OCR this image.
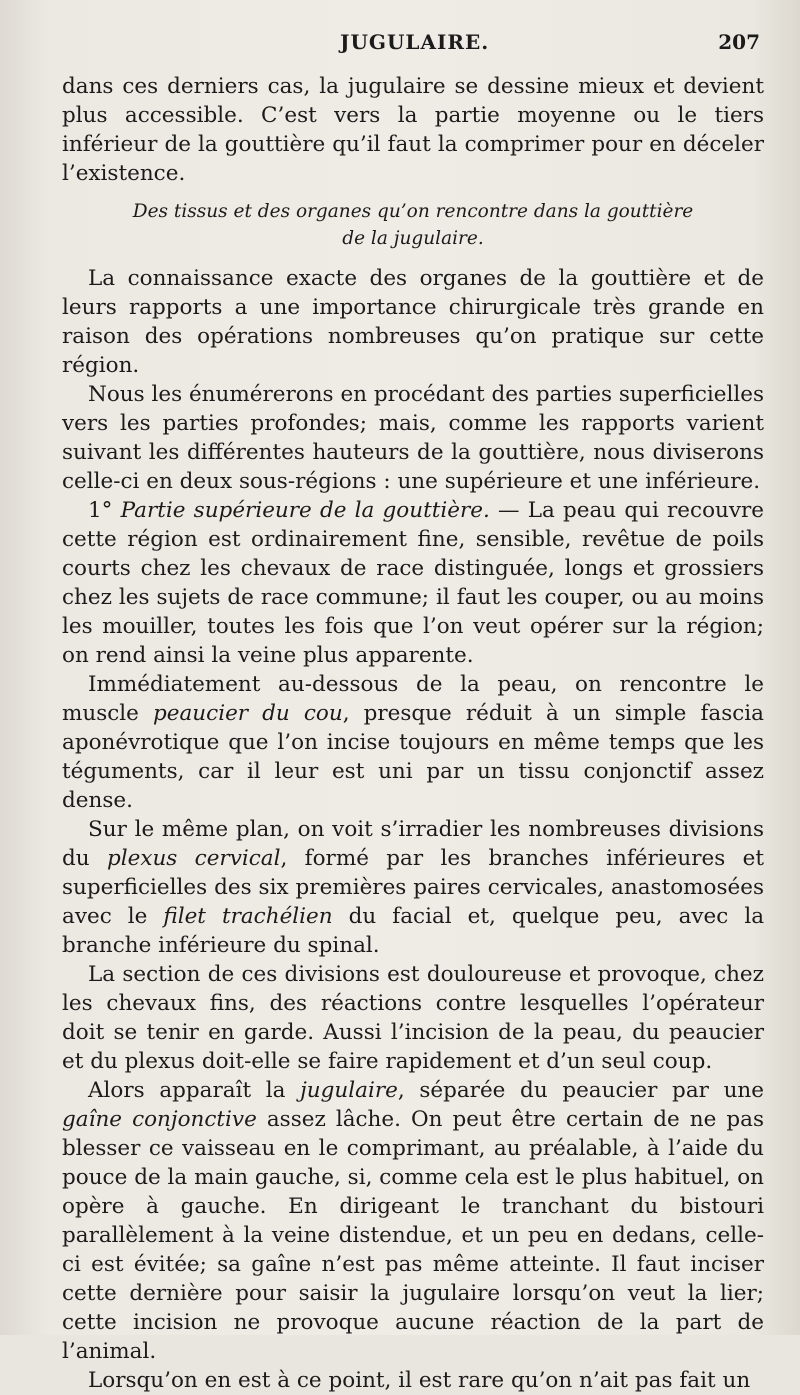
JUGULAIRE.	207

dans ces derniers cas, la jugulaire se dessine mieux et devient plus accessible. C’est vers la partie moyenne ou le tiers inférieur de la gouttière qu’il faut la comprimer pour en déceler l’existence.

Des tissus et des organes qu’on rencontre dans la gouttière
de la jugulaire.

La connaissance exacte des organes de la gouttière et de leurs rapports a une importance chirurgicale très grande en raison des opérations nombreuses qu’on pratique sur cette région.

Nous les énumérerons en procédant des parties superficielles vers les parties profondes; mais, comme les rapports varient suivant les différentes hauteurs de la gouttière, nous diviserons celle-ci en deux sous-régions : une supérieure et une inférieure.

1° Partie supérieure de la gouttière. — La peau qui recouvre cette région est ordinairement fine, sensible, revêtue de poils courts chez les chevaux de race distinguée, longs et grossiers chez les sujets de race commune; il faut les couper, ou au moins les mouiller, toutes les fois que l’on veut opérer sur la région; on rend ainsi la veine plus apparente.

Immédiatement au-dessous de la peau, on rencontre le muscle peaucier du cou, presque réduit à un simple fascia aponévrotique que l’on incise toujours en même temps que les téguments, car il leur est uni par un tissu conjonctif assez dense.

Sur le même plan, on voit s’irradier les nombreuses divisions du plexus cervical, formé par les branches inférieures et superficielles des six premières paires cervicales, anastomosées avec le filet trachélien du facial et, quelque peu, avec la branche inférieure du spinal.

La section de ces divisions est douloureuse et provoque, chez les chevaux fins, des réactions contre lesquelles l’opérateur doit se tenir en garde. Aussi l’incision de la peau, du peaucier et du plexus doit-elle se faire rapidement et d’un seul coup.

Alors apparaît la jugulaire, séparée du peaucier par une gaîne conjonctive assez lâche. On peut être certain de ne pas blesser ce vaisseau en le comprimant, au préalable, à l’aide du pouce de la main gauche, si, comme cela est le plus habituel, on opère à gauche. En dirigeant le tranchant du bistouri parallèlement à la veine distendue, et un peu en dedans, celle-ci est évitée; sa gaîne n’est pas même atteinte. Il faut inciser cette dernière pour saisir la jugulaire lorsqu’on veut la lier; cette incision ne provoque aucune réaction de la part de l’animal.

Lorsqu’on en est à ce point, il est rare qu’on n’ait pas fait un
